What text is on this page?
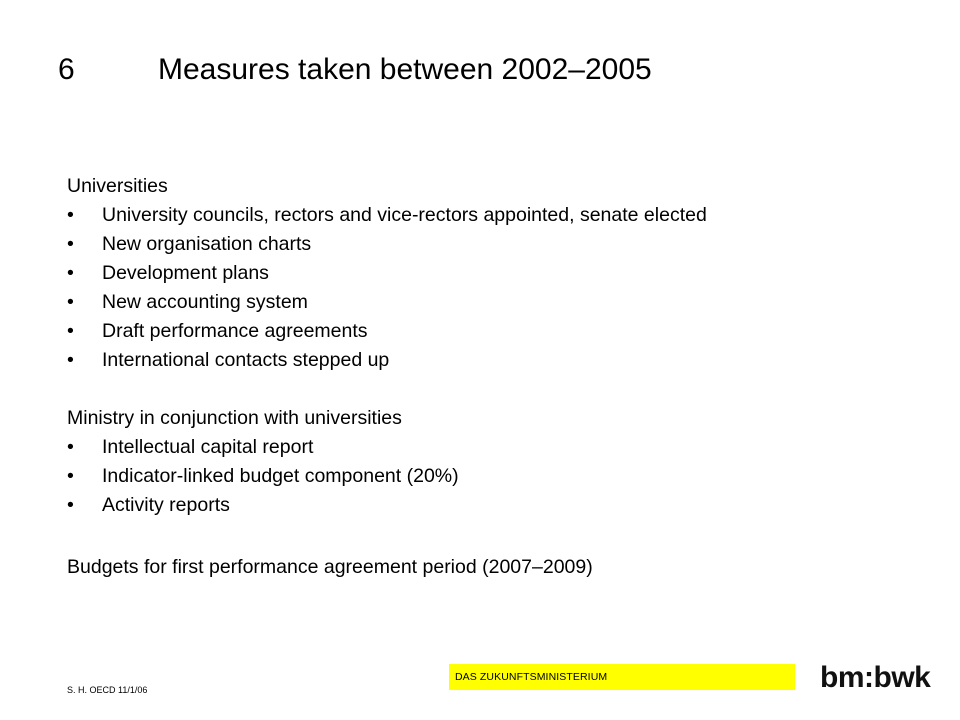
6	Measures taken between 2002–2005
Universities
• University councils, rectors and vice-rectors appointed, senate elected
• New organisation charts
• Development plans
• New accounting system
• Draft performance agreements
• International contacts stepped up
Ministry in conjunction with universities
• Intellectual capital report
• Indicator-linked budget component (20%)
• Activity reports
Budgets for first performance agreement period (2007–2009)
S. H. OECD 11/1/06
DAS ZUKUNFTSMINISTERIUM	bm:bwk
